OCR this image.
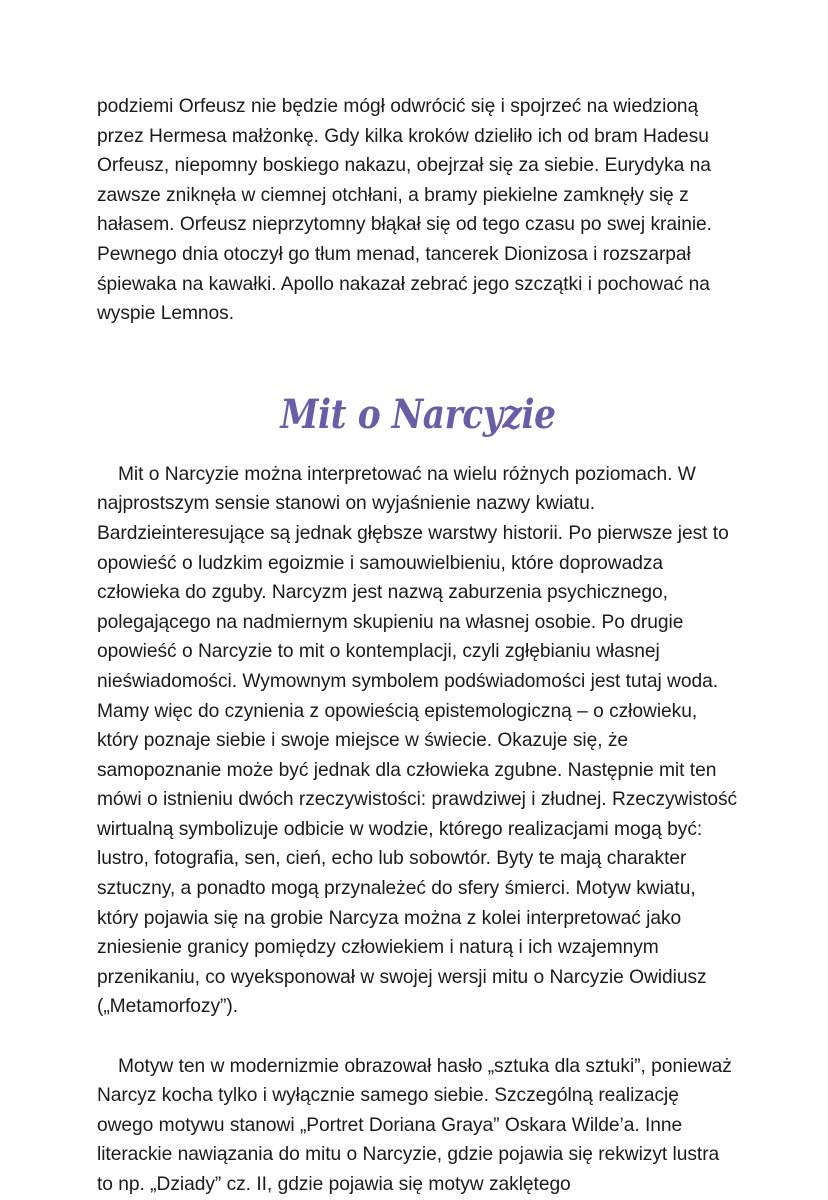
podziemi Orfeusz nie będzie mógł odwrócić się i spojrzeć na wiedzioną przez Hermesa małżonkę. Gdy kilka kroków dzieliło ich od bram Hadesu Orfeusz, niepomny boskiego nakazu, obejrzał się za siebie. Eurydyka na zawsze zniknęła w ciemnej otchłani, a bramy piekielne zamknęły się z hałasem. Orfeusz nieprzytomny błąkał się od tego czasu po swej krainie. Pewnego dnia otoczył go tłum menad, tancerek Dionizosa i rozszarpał śpiewaka na kawałki. Apollo nakazał zebrać jego szczątki i pochować na wyspie Lemnos.

Mit o Narcyzie

Mit o Narcyzie można interpretować na wielu różnych poziomach. W najprostszym sensie stanowi on wyjaśnienie nazwy kwiatu. Bardzieinteresujące są jednak głębsze warstwy historii. Po pierwsze jest to opowieść o ludzkim egoizmie i samouwielbieniu, które doprowadza człowieka do zguby. Narcyzm jest nazwą zaburzenia psychicznego, polegającego na nadmiernym skupieniu na własnej osobie. Po drugie opowieść o Narcyzie to mit o kontemplacji, czyli zgłębianiu własnej nieświadomości. Wymownym symbolem podświadomości jest tutaj woda. Mamy więc do czynienia z opowieścią epistemologiczną – o człowieku, który poznaje siebie i swoje miejsce w świecie. Okazuje się, że samopoznanie może być jednak dla człowieka zgubne. Następnie mit ten mówi o istnieniu dwóch rzeczywistości: prawdziwej i złudnej. Rzeczywistość wirtualną symbolizuje odbicie w wodzie, którego realizacjami mogą być: lustro, fotografia, sen, cień, echo lub sobowtór. Byty te mają charakter sztuczny, a ponadto mogą przynależeć do sfery śmierci. Motyw kwiatu, który pojawia się na grobie Narcyza można z kolei interpretować jako zniesienie granicy pomiędzy człowiekiem i naturą i ich wzajemnym przenikaniu, co wyeksponował w swojej wersji mitu o Narcyzie Owidiusz („Metamorfozy”).

Motyw ten w modernizmie obrazował hasło „sztuka dla sztuki”, ponieważ Narcyz kocha tylko i wyłącznie samego siebie. Szczególną realizację owego motywu stanowi „Portret Doriana Graya” Oskara Wilde’a. Inne literackie nawiązania do mitu o Narcyzie, gdzie pojawia się rekwizyt lustra to np. „Dziady” cz. II, gdzie pojawia się motyw zaklętego
